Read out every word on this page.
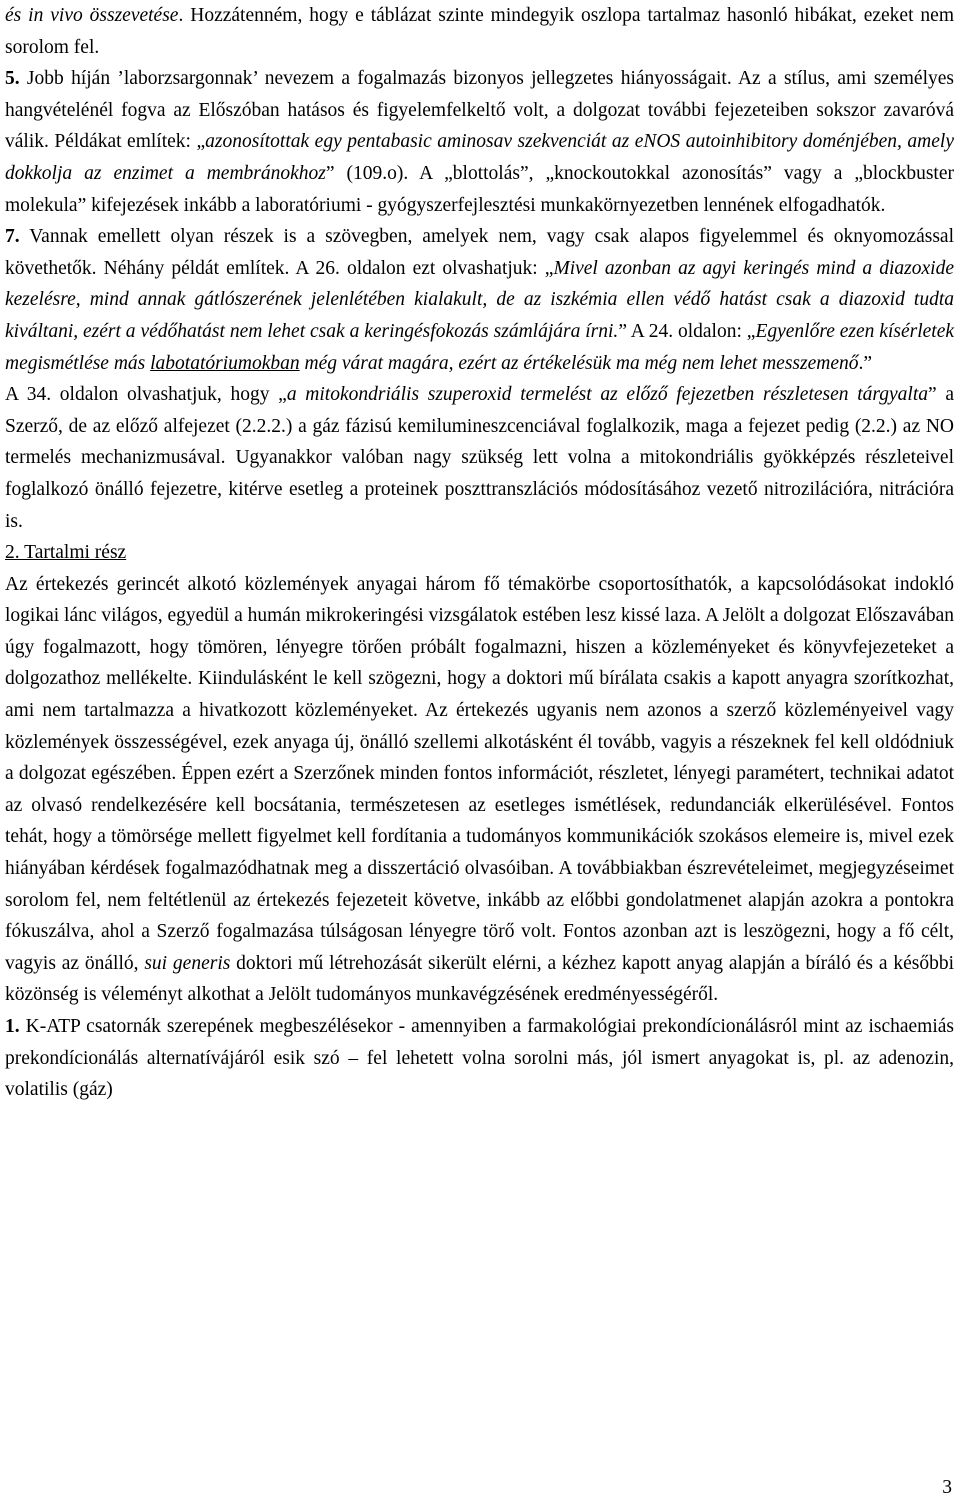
és in vivo összevetése. Hozzátenném, hogy e táblázat szinte mindegyik oszlopa tartalmaz hasonló hibákat, ezeket nem sorolom fel.

5. Jobb híján ’laborzsargonnak’ nevezem a fogalmazás bizonyos jellegzetes hiányosságait. Az a stílus, ami személyes hangvételénél fogva az Előszóban hatásos és figyelemfelkeltő volt, a dolgozat további fejezeteiben sokszor zavaróvá válik. Példákat említek: „azonosítottak egy pentabasic aminosav szekvenciát az eNOS autoinhibitory doménjében, amely dokkolja az enzimet a membránokhoz” (109.o). A „blottolás”, „knockoutokkal azonosítás” vagy a „blockbuster molekula” kifejezések inkább a laboratóriumi - gyógyszerfejlesztési munkakörnyezetben lennének elfogadhatók.

7. Vannak emellett olyan részek is a szövegben, amelyek nem, vagy csak alapos figyelemmel és oknyomozással követhetők. Néhány példát említek. A 26. oldalon ezt olvashatjuk: „Mivel azonban az agyi keringés mind a diazoxide kezelésre, mind annak gátlószerének jelenlétében kialakult, de az iszkémia ellen védő hatást csak a diazoxid tudta kiváltani, ezért a védőhatást nem lehet csak a keringésfokozás számlájára írni.” A 24. oldalon: „Egyenlőre ezen kísérletek megismétlése más labotatóriumokban még várat magára, ezért az értékelésük ma még nem lehet messzemenő.”

A 34. oldalon olvashatjuk, hogy „a mitokondriális szuperoxid termelést az előző fejezetben részletesen tárgyalta” a Szerző, de az előző alfejezet (2.2.2.) a gáz fázisú kemilumineszcenciával foglalkozik, maga a fejezet pedig (2.2.) az NO termelés mechanizmusával. Ugyanakkor valóban nagy szükség lett volna a mitokondriális gyökképzés részleteivel foglalkozó önálló fejezetre, kitérve esetleg a proteinek poszttranszlációs módosításához vezető nitrozilációra, nitrációra is.

2. Tartalmi rész

Az értekezés gerincét alkotó közlemények anyagai három fő témakörbe csoportosíthatók, a kapcsolódásokat indokló logikai lánc világos, egyedül a humán mikrokeringési vizsgálatok estében lesz kissé laza. A Jelölt a dolgozat Előszavában úgy fogalmazott, hogy tömören, lényegre törően próbált fogalmazni, hiszen a közleményeket és könyvfejezeteket a dolgozathoz mellékelte. Kiindulásként le kell szögezni, hogy a doktori mű bírálata csakis a kapott anyagra szorítkozhat, ami nem tartalmazza a hivatkozott közleményeket. Az értekezés ugyanis nem azonos a szerző közleményeivel vagy közlemények összességével, ezek anyaga új, önálló szellemi alkotásként él tovább, vagyis a részeknek fel kell oldódniuk a dolgozat egészében. Éppen ezért a Szerzőnek minden fontos információt, részletet, lényegi paramétert, technikai adatot az olvasó rendelkezésére kell bocsátania, természetesen az esetleges ismétlések, redundanciák elkerülésével. Fontos tehát, hogy a tömörsége mellett figyelmet kell fordítania a tudományos kommunikációk szokásos elemeire is, mivel ezek hiányában kérdések fogalmazódhatnak meg a disszertáció olvasóiban. A továbbiakban észrevételeimet, megjegyzéseimet sorolom fel, nem feltétlenül az értekezés fejezeteit követve, inkább az előbbi gondolatmenet alapján azokra a pontokra fókuszálva, ahol a Szerző fogalmazása túlságosan lényegre törő volt. Fontos azonban azt is leszögezni, hogy a fő célt, vagyis az önálló, sui generis doktori mű létrehozását sikerült elérni, a kézhez kapott anyag alapján a bíráló és a későbbi közönség is véleményt alkothat a Jelölt tudományos munkavégzésének eredményességéről.

1. K-ATP csatornák szerepének megbeszélésekor - amennyiben a farmakológiai prekondícionálásról mint az ischaemiás prekondícionálás alternatívájáról esik szó – fel lehetett volna sorolni más, jól ismert anyagokat is, pl. az adenozin, volatilis (gáz)

3
